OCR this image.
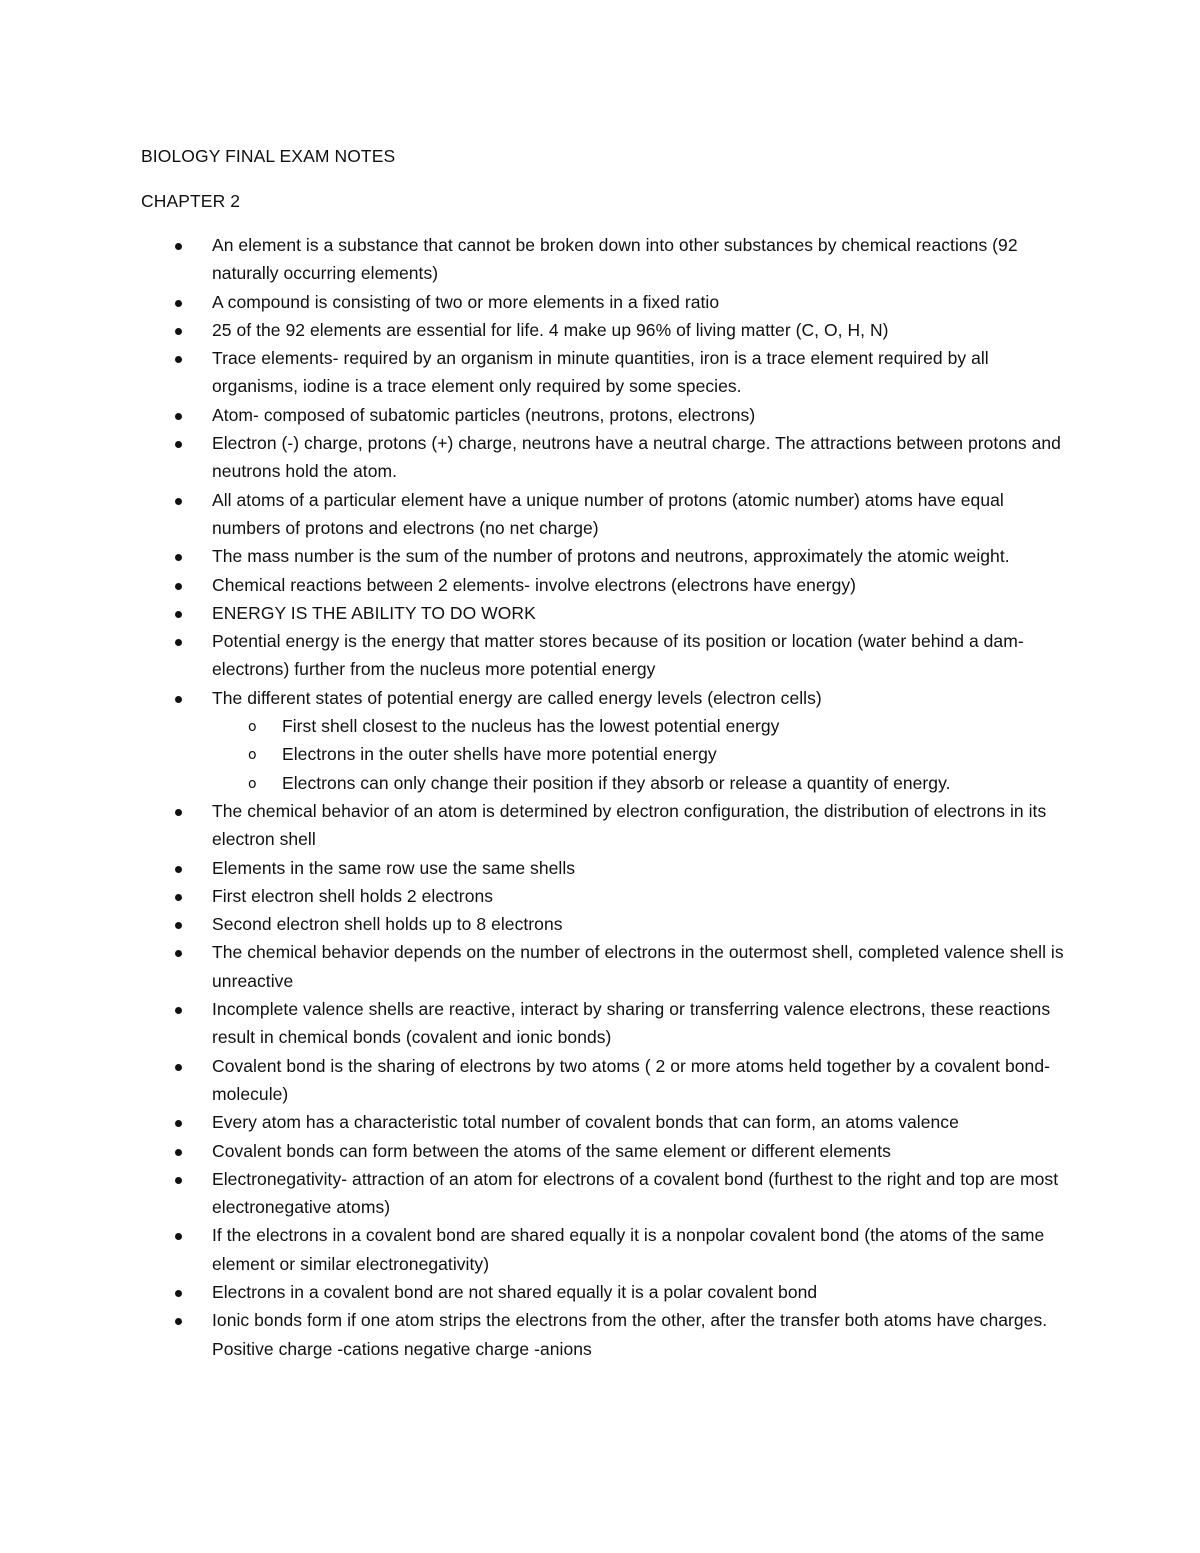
BIOLOGY FINAL EXAM NOTES

CHAPTER 2

An element is a substance that cannot be broken down into other substances by chemical reactions (92 naturally occurring elements)
A compound is consisting of two or more elements in a fixed ratio
25 of the 92 elements are essential for life. 4 make up 96% of living matter (C, O, H, N)
Trace elements- required by an organism in minute quantities, iron is a trace element required by all organisms, iodine is a trace element only required by some species.
Atom- composed of subatomic particles (neutrons, protons, electrons)
Electron (-) charge, protons (+) charge, neutrons have a neutral charge. The attractions between protons and neutrons hold the atom.
All atoms of a particular element have a unique number of protons (atomic number) atoms have equal numbers of protons and electrons (no net charge)
The mass number is the sum of the number of protons and neutrons, approximately the atomic weight.
Chemical reactions between 2 elements- involve electrons (electrons have energy)
ENERGY IS THE ABILITY TO DO WORK
Potential energy is the energy that matter stores because of its position or location (water behind a dam- electrons) further from the nucleus more potential energy
The different states of potential energy are called energy levels (electron cells)
o First shell closest to the nucleus has the lowest potential energy
o Electrons in the outer shells have more potential energy
o Electrons can only change their position if they absorb or release a quantity of energy.
The chemical behavior of an atom is determined by electron configuration, the distribution of electrons in its electron shell
Elements in the same row use the same shells
First electron shell holds 2 electrons
Second electron shell holds up to 8 electrons
The chemical behavior depends on the number of electrons in the outermost shell, completed valence shell is unreactive
Incomplete valence shells are reactive, interact by sharing or transferring valence electrons, these reactions result in chemical bonds (covalent and ionic bonds)
Covalent bond is the sharing of electrons by two atoms ( 2 or more atoms held together by a covalent bond- molecule)
Every atom has a characteristic total number of covalent bonds that can form, an atoms valence
Covalent bonds can form between the atoms of the same element or different elements
Electronegativity- attraction of an atom for electrons of a covalent bond (furthest to the right and top are most electronegative atoms)
If the electrons in a covalent bond are shared equally it is a nonpolar covalent bond (the atoms of the same element or similar electronegativity)
Electrons in a covalent bond are not shared equally it is a polar covalent bond
Ionic bonds form if one atom strips the electrons from the other, after the transfer both atoms have charges. Positive charge -cations negative charge -anions
